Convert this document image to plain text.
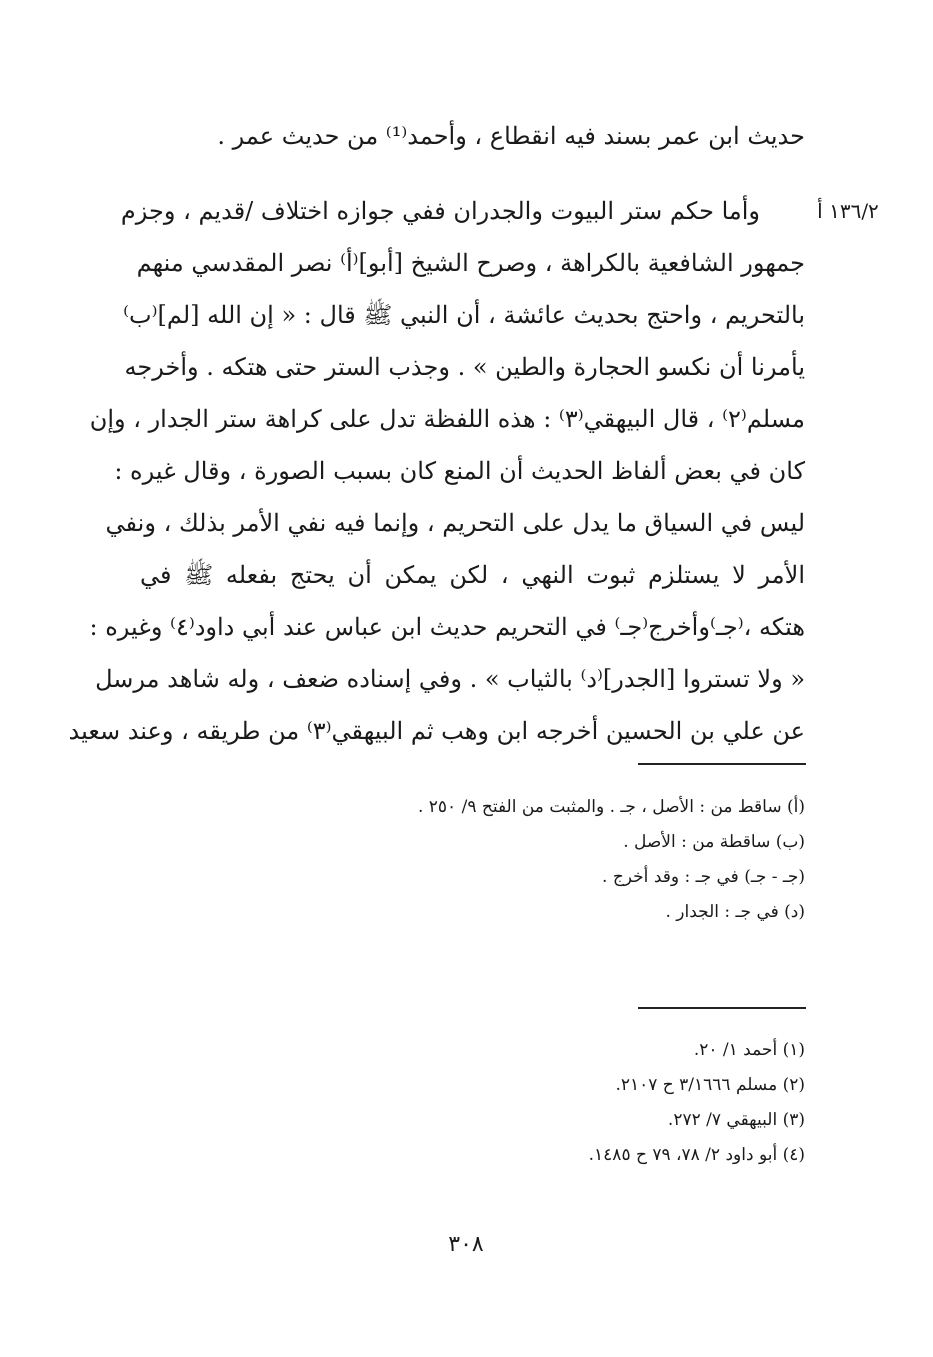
حديث ابن عمر بسند فيه انقطاع ، وأحمد⁽¹⁾ من حديث عمر .
١٣٦/٢ أ
وأما حكم ستر البيوت والجدران ففي جوازه اختلاف /قديم ، وجزم
جمهور الشافعية بالكراهة ، وصرح الشيخ [أبو]⁽أ⁾ نصر المقدسي منهم
بالتحريم ، واحتج بحديث عائشة ، أن النبي ﷺ قال : « إن الله [لم]⁽ب⁾
يأمرنا أن نكسو الحجارة والطين » . وجذب الستر حتى هتكه . وأخرجه
مسلم⁽٢⁾ ، قال البيهقي⁽٣⁾ : هذه اللفظة تدل على كراهة ستر الجدار ، وإن
كان في بعض ألفاظ الحديث أن المنع كان بسبب الصورة ، وقال غيره :
ليس في السياق ما يدل على التحريم ، وإنما فيه نفي الأمر بذلك ، ونفي
الأمر لا يستلزم ثبوت النهي ، لكن يمكن أن يحتج بفعله ﷺ في
هتكه ،⁽جـ⁾وأخرج⁽جـ⁾ في التحريم حديث ابن عباس عند أبي داود⁽٤⁾ وغيره :
« ولا تستروا [الجدر]⁽د⁾ بالثياب » . وفي إسناده ضعف ، وله شاهد مرسل
عن علي بن الحسين أخرجه ابن وهب ثم البيهقي⁽٣⁾ من طريقه ، وعند سعيد
(أ) ساقط من : الأصل ، جـ . والمثبت من الفتح ٩/ ٢٥٠ .
(ب) ساقطة من : الأصل .
(جـ - جـ) في جـ : وقد أخرج .
(د) في جـ : الجدار .
(١) أحمد ١/ ٢٠.
(٢) مسلم ٣/١٦٦٦ ح ٢١٠٧.
(٣) البيهقي ٧/ ٢٧٢.
(٤) أبو داود ٢/ ٧٨، ٧٩ ح ١٤٨٥.
٣٠٨
